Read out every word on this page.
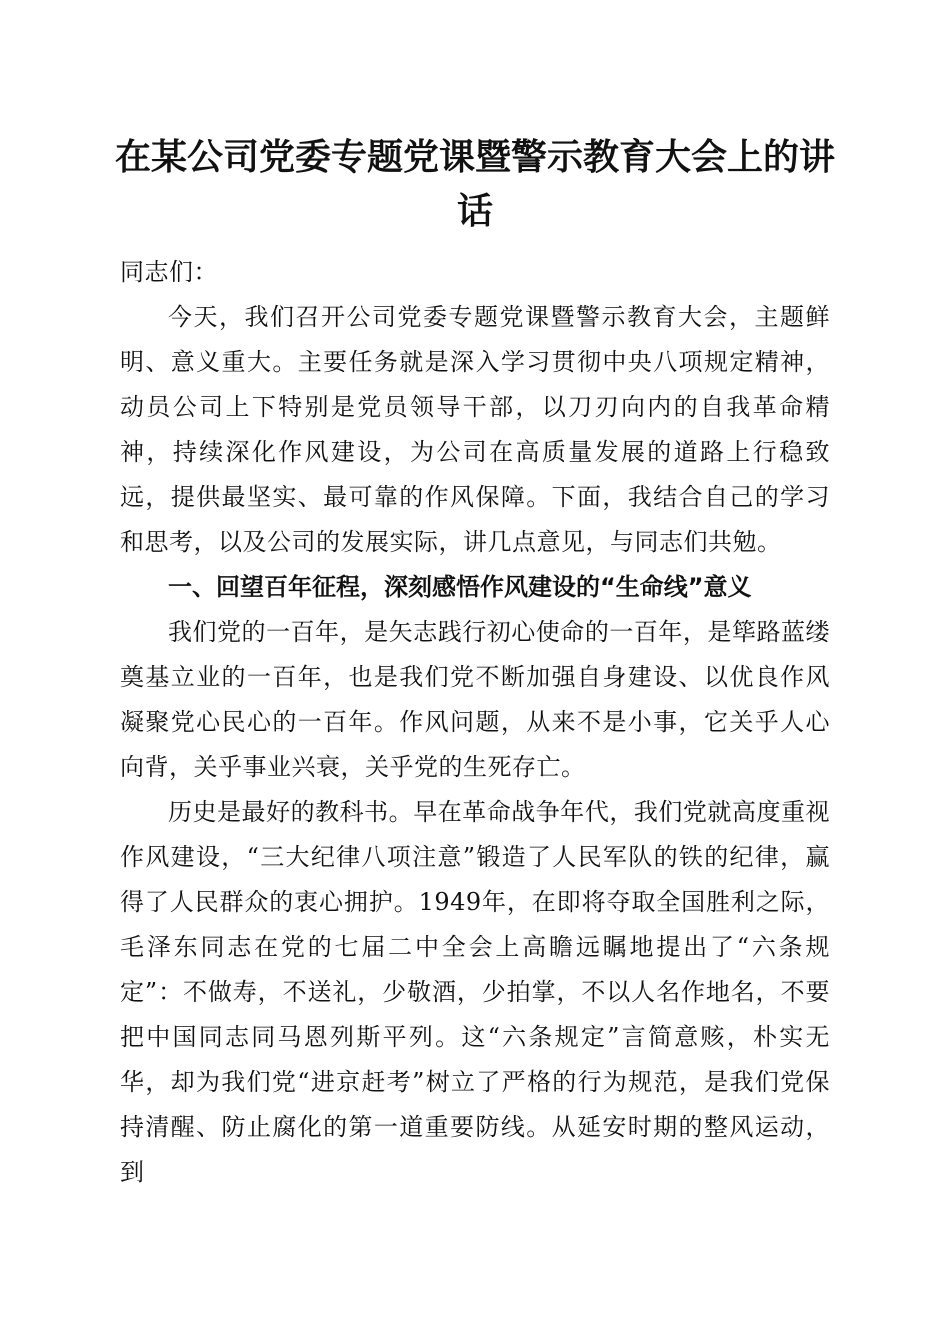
在某公司党委专题党课暨警示教育大会上的讲话

同志们：

今天，我们召开公司党委专题党课暨警示教育大会，主题鲜明、意义重大。主要任务就是深入学习贯彻中央八项规定精神，动员公司上下特别是党员领导干部，以刀刃向内的自我革命精神，持续深化作风建设，为公司在高质量发展的道路上行稳致远，提供最坚实、最可靠的作风保障。下面，我结合自己的学习和思考，以及公司的发展实际，讲几点意见，与同志们共勉。

一、回望百年征程，深刻感悟作风建设的“生命线”意义

我们党的一百年，是矢志践行初心使命的一百年，是筚路蓝缕奠基立业的一百年，也是我们党不断加强自身建设、以优良作风凝聚党心民心的一百年。作风问题，从来不是小事，它关乎人心向背，关乎事业兴衰，关乎党的生死存亡。

历史是最好的教科书。早在革命战争年代，我们党就高度重视作风建设，“三大纪律八项注意”锻造了人民军队的铁的纪律，赢得了人民群众的衷心拥护。1949年，在即将夺取全国胜利之际，毛泽东同志在党的七届二中全会上高瞻远瞩地提出了“六条规定”：不做寿，不送礼，少敬酒，少拍掌，不以人名作地名，不要把中国同志同马恩列斯平列。这“六条规定”言简意赅，朴实无华，却为我们党“进京赶考”树立了严格的行为规范，是我们党保持清醒、防止腐化的第一道重要防线。从延安时期的整风运动，到
